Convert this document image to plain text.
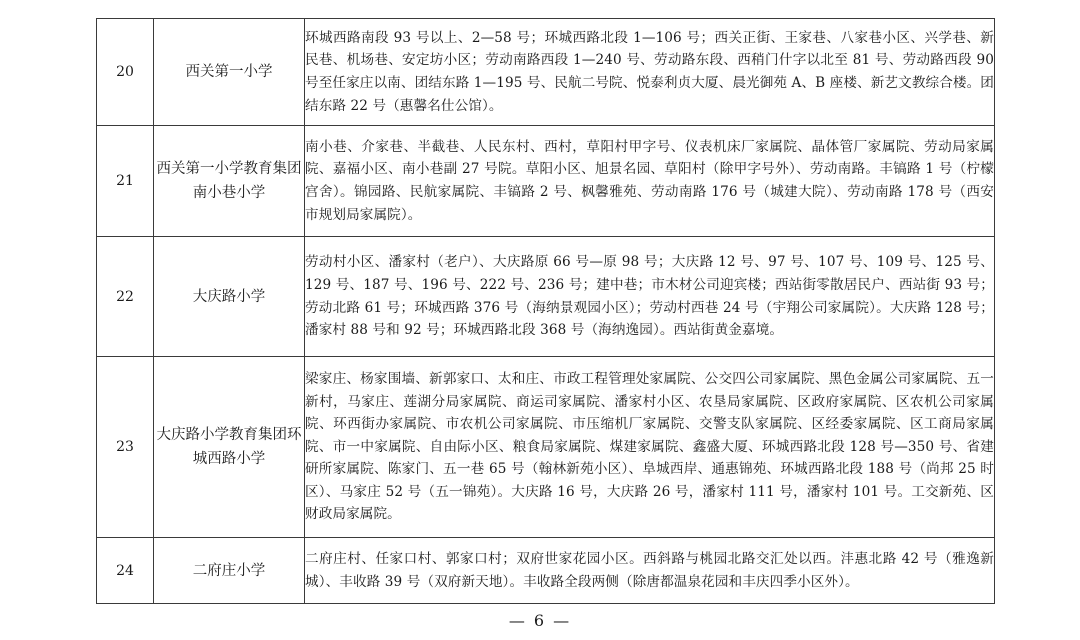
20	西关第一小学	环城西路南段 93 号以上、2—58 号；环城西路北段 1—106 号；西关正街、王家巷、八家巷小区、兴学巷、新民巷、机场巷、安定坊小区；劳动南路西段 1—240 号、劳动路东段、西稍门什字以北至 81 号、劳动路西段 90 号至任家庄以南、团结东路 1—195 号、民航二号院、悦泰利贞大厦、晨光御苑 A、B 座楼、新艺文教综合楼。团结东路 22 号（惠馨名仕公馆）。
21	西关第一小学教育集团南小巷小学	南小巷、介家巷、半截巷、人民东村、西村，草阳村甲字号、仪表机床厂家属院、晶体管厂家属院、劳动局家属院、嘉福小区、南小巷副 27 号院。草阳小区、旭景名园、草阳村（除甲字号外）、劳动南路。丰镐路 1 号（柠檬宫舍）。锦园路、民航家属院、丰镐路 2 号、枫馨雅苑、劳动南路 176 号（城建大院）、劳动南路 178 号（西安市规划局家属院）。
22	大庆路小学	劳动村小区、潘家村（老户）、大庆路原 66 号—原 98 号；大庆路 12 号、97 号、107 号、109 号、125 号、129 号、187 号、196 号、222 号、236 号；建中巷；市木材公司迎宾楼；西站街零散居民户、西站街 93 号；劳动北路 61 号；环城西路 376 号（海纳景观园小区）；劳动村西巷 24 号（宇翔公司家属院）。大庆路 128 号；潘家村 88 号和 92 号；环城西路北段 368 号（海纳逸园）。西站街黄金嘉境。
23	大庆路小学教育集团环城西路小学	梁家庄、杨家围墙、新郭家口、太和庄、市政工程管理处家属院、公交四公司家属院、黑色金属公司家属院、五一新村，马家庄、莲湖分局家属院、商运司家属院、潘家村小区、农垦局家属院、区政府家属院、区农机公司家属院、环西街办家属院、市农机公司家属院、市压缩机厂家属院、交警支队家属院、区经委家属院、区工商局家属院、市一中家属院、自由际小区、粮食局家属院、煤建家属院、鑫盛大厦、环城西路北段 128 号—350 号、省建研所家属院、陈家门、五一巷 65 号（翰林新苑小区）、阜城西岸、通惠锦苑、环城西路北段 188 号（尚邦 25 时区）、马家庄 52 号（五一锦苑）。大庆路 16 号，大庆路 26 号，潘家村 111 号，潘家村 101 号。工交新苑、区财政局家属院。
24	二府庄小学	二府庄村、任家口村、郭家口村；双府世家花园小区。西斜路与桃园北路交汇处以西。沣惠北路 42 号（雅逸新城）、丰收路 39 号（双府新天地）。丰收路全段两侧（除唐都温泉花园和丰庆四季小区外）。
— 6 —
